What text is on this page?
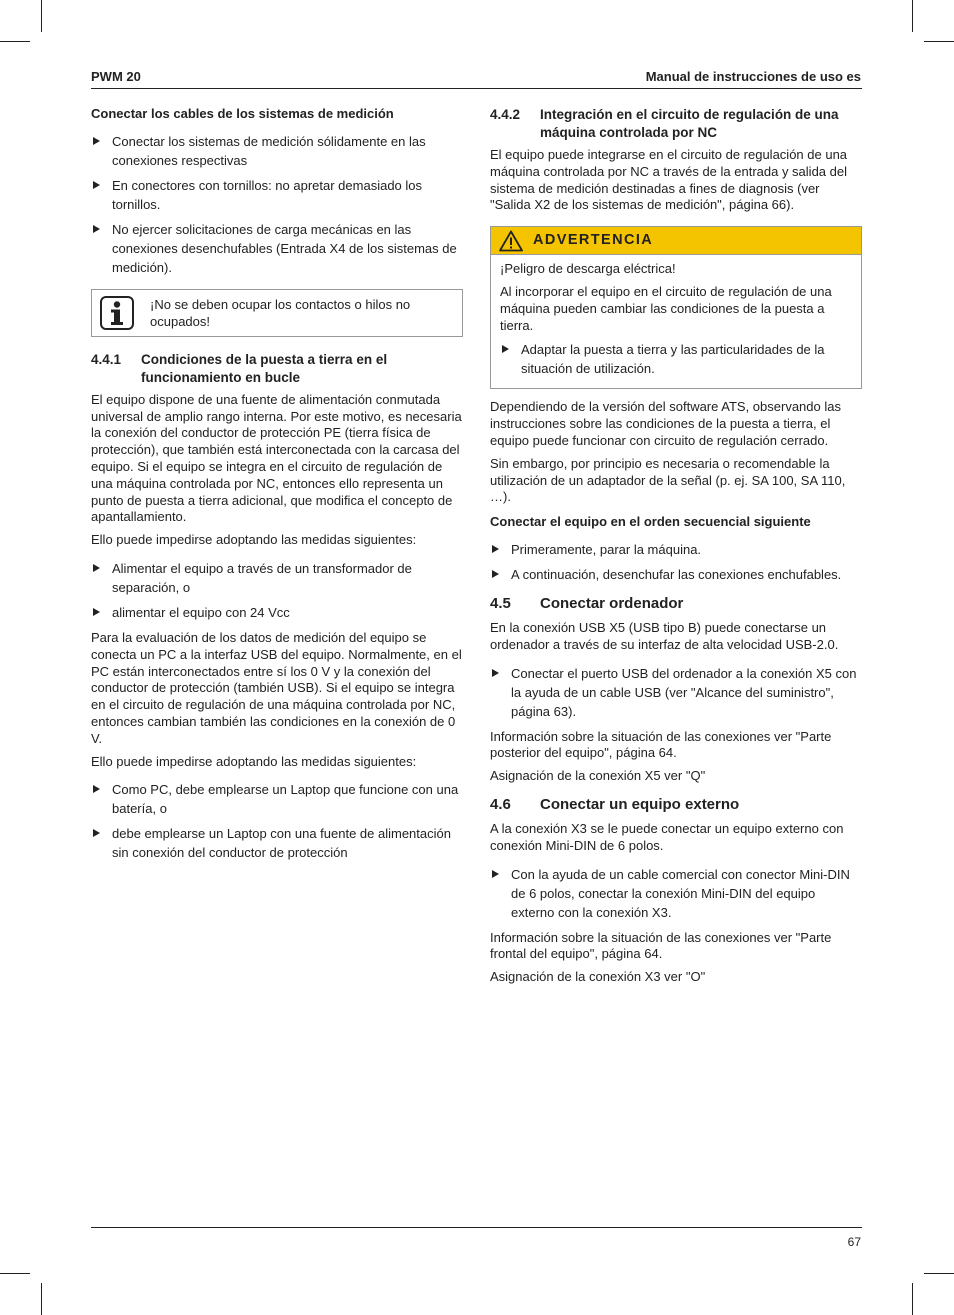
PWM 20	Manual de instrucciones de uso es
Conectar los cables de los sistemas de medición
Conectar los sistemas de medición sólidamente en las conexiones respectivas
En conectores con tornillos: no apretar demasiado los tornillos.
No ejercer solicitaciones de carga mecánicas en las conexiones desenchufables (Entrada X4 de los sistemas de medición).
¡No se deben ocupar los contactos o hilos no ocupados!
4.4.1	Condiciones de la puesta a tierra en el funcionamiento en bucle

El equipo dispone de una fuente de alimentación conmutada universal de amplio rango interna. Por este motivo, es necesaria la conexión del conductor de protección PE (tierra física de protección), que también está interconectada con la carcasa del equipo. Si el equipo se integra en el circuito de regulación de una máquina controlada por NC, entonces ello representa un punto de puesta a tierra adicional, que modifica el concepto de apantallamiento.

Ello puede impedirse adoptando las medidas siguientes:

Alimentar el equipo a través de un transformador de separación, o
alimentar el equipo con 24 Vcc

Para la evaluación de los datos de medición del equipo se conecta un PC a la interfaz USB del equipo. Normalmente, en el PC están interconectados entre sí los 0 V y la conexión del conductor de protección (también USB). Si el equipo se integra en el circuito de regulación de una máquina controlada por NC, entonces cambian también las condiciones en la conexión de 0 V.

Ello puede impedirse adoptando las medidas siguientes:

Como PC, debe emplearse un Laptop que funcione con una batería, o
debe emplearse un Laptop con una fuente de alimentación sin conexión del conductor de protección
4.4.2	Integración en el circuito de regulación de una máquina controlada por NC

El equipo puede integrarse en el circuito de regulación de una máquina controlada por NC a través de la entrada y salida del sistema de medición destinadas a fines de diagnosis (ver "Salida X2 de los sistemas de medición", página 66).

ADVERTENCIA

¡Peligro de descarga eléctrica!

Al incorporar el equipo en el circuito de regulación de una máquina pueden cambiar las condiciones de la puesta a tierra.

Adaptar la puesta a tierra y las particularidades de la situación de utilización.

Dependiendo de la versión del software ATS, observando las instrucciones sobre las condiciones de la puesta a tierra, el equipo puede funcionar con circuito de regulación cerrado.

Sin embargo, por principio es necesaria o recomendable la utilización de un adaptador de la señal (p. ej. SA 100, SA 110, …).

Conectar el equipo en el orden secuencial siguiente
Primeramente, parar la máquina.
A continuación, desenchufar las conexiones enchufables.
4.5	Conectar ordenador

En la conexión USB X5 (USB tipo B) puede conectarse un ordenador a través de su interfaz de alta velocidad USB-2.0.

Conectar el puerto USB del ordenador a la conexión X5 con la ayuda de un cable USB (ver "Alcance del suministro", página 63).

Información sobre la situación de las conexiones ver "Parte posterior del equipo", página 64.

Asignación de la conexión X5 ver "Q"

4.6	Conectar un equipo externo

A la conexión X3 se le puede conectar un equipo externo con conexión Mini-DIN de 6 polos.

Con la ayuda de un cable comercial con conector Mini-DIN de 6 polos, conectar la conexión Mini-DIN del equipo externo con la conexión X3.

Información sobre la situación de las conexiones ver "Parte frontal del equipo", página 64.

Asignación de la conexión X3 ver "O"

67
